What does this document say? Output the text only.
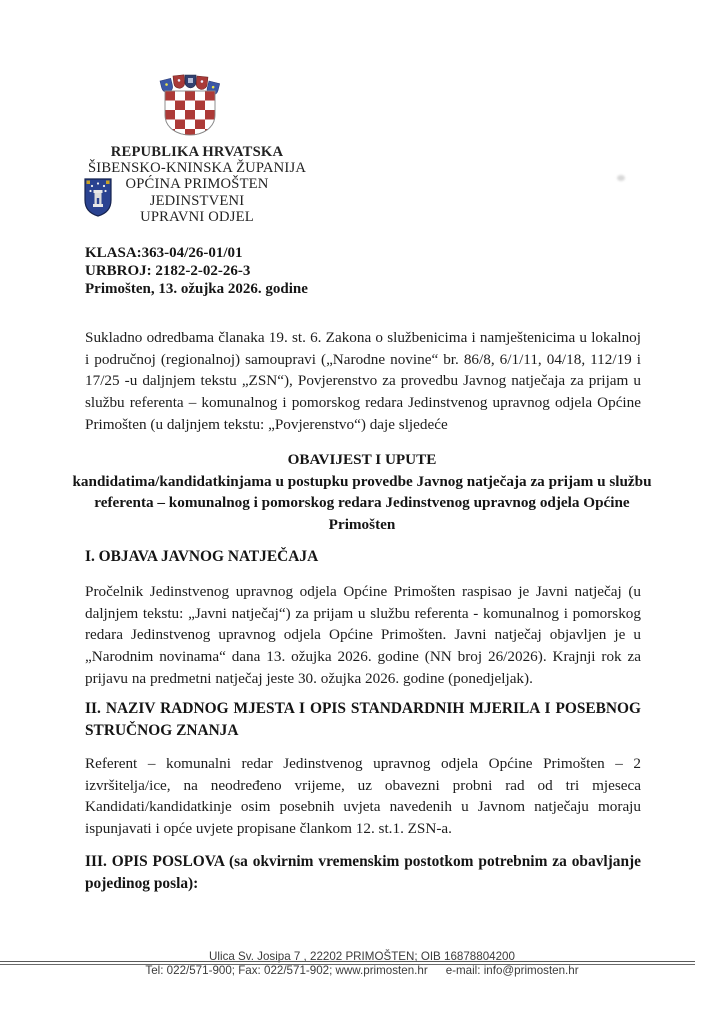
REPUBLIKA HRVATSKA
ŠIBENSKO-KNINSKA ŽUPANIJA
OPĆINA PRIMOŠTEN
JEDINSTVENI
UPRAVNI ODJEL
KLASA:363-04/26-01/01
URBROJ: 2182-2-02-26-3
Primošten, 13. ožujka 2026. godine
Sukladno odredbama članaka 19. st. 6. Zakona o službenicima i namještenicima u lokalnoj i područnoj (regionalnoj) samoupravi („Narodne novine“ br. 86/8, 6/1/11, 04/18, 112/19 i 17/25 -u daljnjem tekstu „ZSN“), Povjerenstvo za provedbu Javnog natječaja za prijam u službu referenta – komunalnog i pomorskog redara Jedinstvenog upravnog odjela Općine Primošten (u daljnjem tekstu: „Povjerenstvo“) daje sljedeće
OBAVIJEST I UPUTE
kandidatima/kandidatkinjama u postupku provedbe Javnog natječaja za prijam u službu referenta – komunalnog i pomorskog redara Jedinstvenog upravnog odjela Općine Primošten
I. OBJAVA JAVNOG NATJEČAJA
Pročelnik Jedinstvenog upravnog odjela Općine Primošten raspisao je Javni natječaj (u daljnjem tekstu: „Javni natječaj“) za prijam u službu referenta - komunalnog i pomorskog redara Jedinstvenog upravnog odjela Općine Primošten. Javni natječaj objavljen je u „Narodnim novinama“ dana 13. ožujka 2026. godine (NN broj 26/2026). Krajnji rok za prijavu na predmetni natječaj jeste 30. ožujka 2026. godine (ponedjeljak).
II. NAZIV RADNOG MJESTA I OPIS STANDARDNIH MJERILA I POSEBNOG STRUČNOG ZNANJA
Referent – komunalni redar Jedinstvenog upravnog odjela Općine Primošten – 2 izvršitelja/ice, na neodređeno vrijeme, uz obavezni probni rad od tri mjeseca Kandidati/kandidatkinje osim posebnih uvjeta navedenih u Javnom natječaju moraju ispunjavati i opće uvjete propisane člankom 12. st.1. ZSN-a.
III. OPIS POSLOVA (sa okvirnim vremenskim postotkom potrebnim za obavljanje pojedinog posla):
Ulica Sv. Josipa 7 , 22202 PRIMOŠTEN; OIB 16878804200
Tel: 022/571-900; Fax: 022/571-902; www.primosten.hr e-mail: info@primosten.hr
